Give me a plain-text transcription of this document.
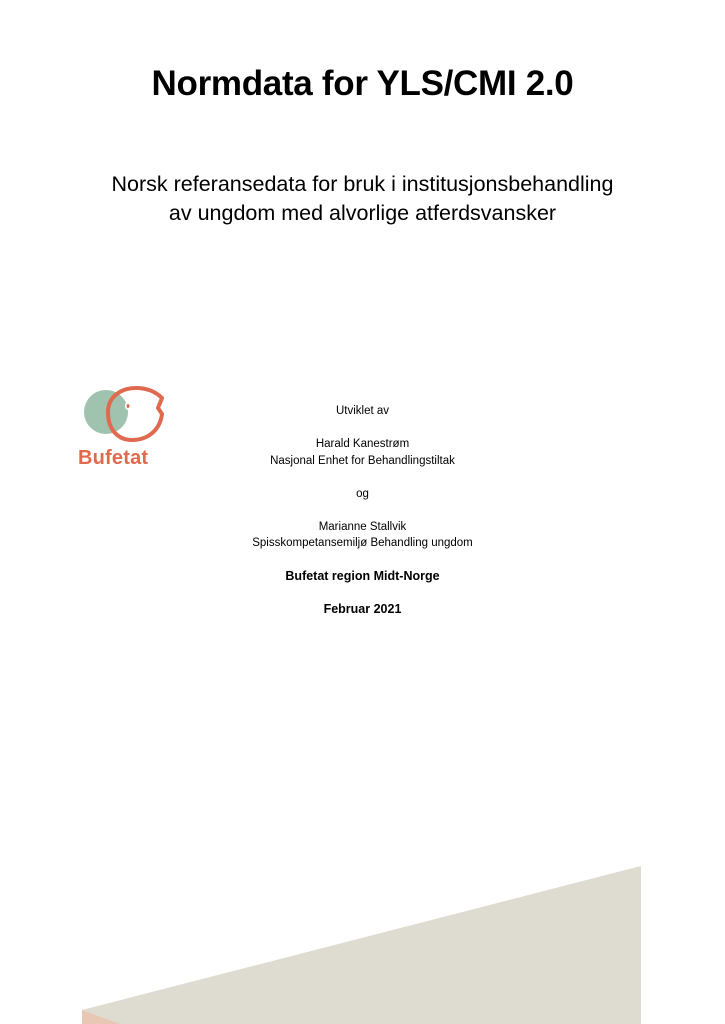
Normdata for YLS/CMI 2.0
Norsk referansedata for bruk i institusjonsbehandling
av ungdom med alvorlige atferdsvansker
Bufetat
Utviklet av
Harald Kanestrøm
Nasjonal Enhet for Behandlingstiltak
og
Marianne Stallvik
Spisskompetansemiljø Behandling ungdom
Bufetat region Midt-Norge
Februar 2021
